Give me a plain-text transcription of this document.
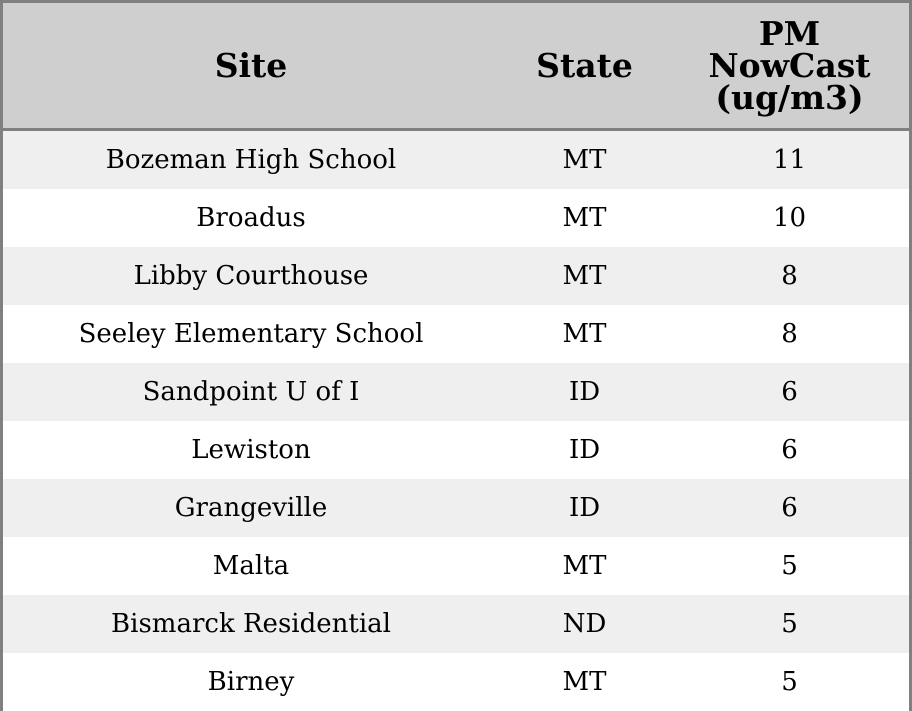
Site	State	PM
NowCast
(ug/m3)
Bozeman High School	MT	11
Broadus	MT	10
Libby Courthouse	MT	8
Seeley Elementary School	MT	8
Sandpoint U of I	ID	6
Lewiston	ID	6
Grangeville	ID	6
Malta	MT	5
Bismarck Residential	ND	5
Birney	MT	5
